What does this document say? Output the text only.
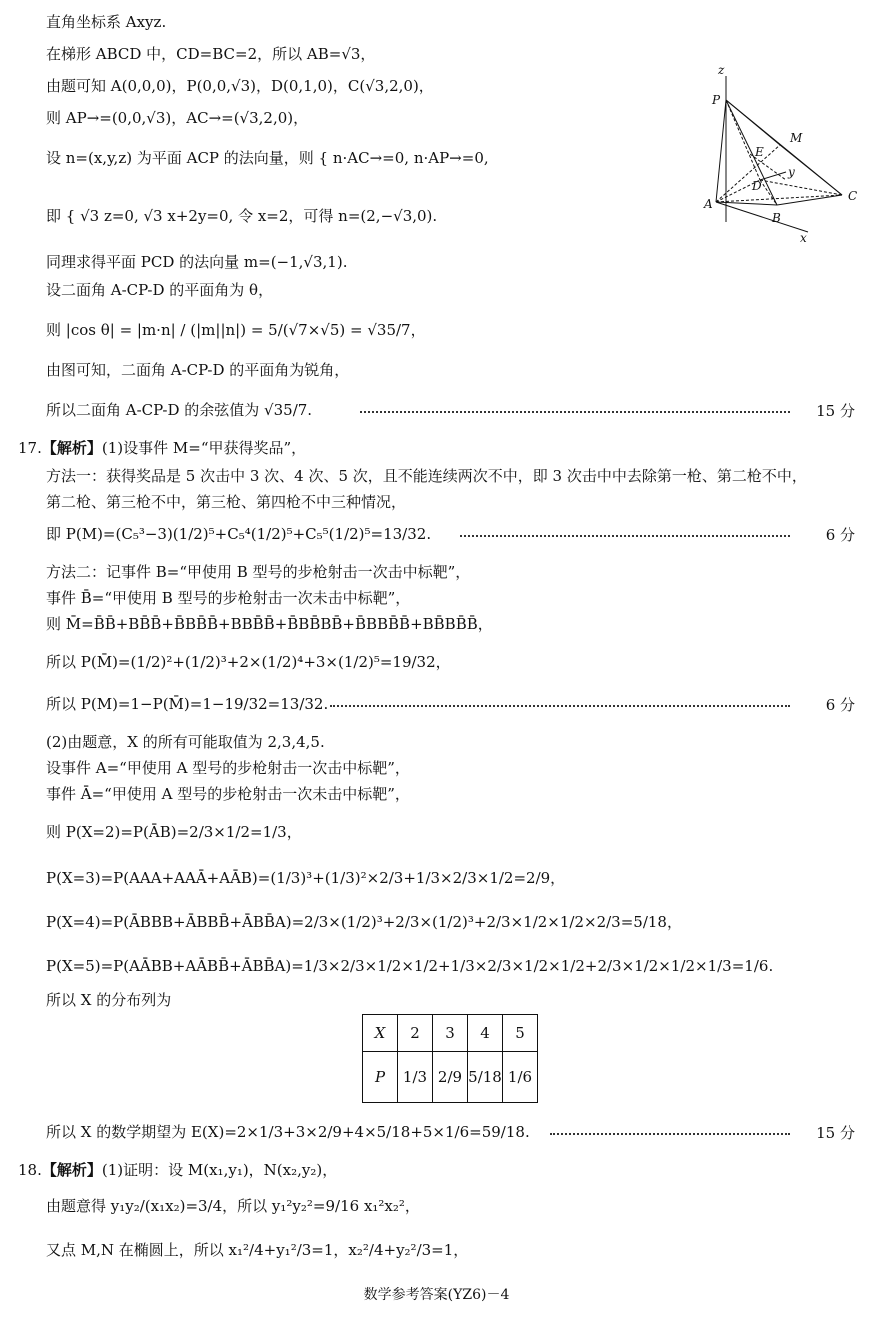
z
P
M
E
D
y
A
C
B
x
直角坐标系 Axyz.
在梯形 ABCD 中，CD=BC=2，所以 AB=√3，
由题可知 A(0,0,0)，P(0,0,√3)，D(0,1,0)，C(√3,2,0)，
则 AP→=(0,0,√3)，AC→=(√3,2,0)，
设 n=(x,y,z) 为平面 ACP 的法向量，则 { n·AC→=0, n·AP→=0,
即 { √3 z=0, √3 x+2y=0, 令 x=2，可得 n=(2,−√3,0).
同理求得平面 PCD 的法向量 m=(−1,√3,1).
设二面角 A-CP-D 的平面角为 θ，
则 |cos θ| = |m·n| / (|m||n|) = 5/(√7×√5) = √35/7，
由图可知，二面角 A-CP-D 的平面角为锐角，
所以二面角 A-CP-D 的余弦值为 √35/7.	15 分
17.【解析】(1)设事件 M=“甲获得奖品”，
方法一：获得奖品是 5 次击中 3 次、4 次、5 次，且不能连续两次不中，即 3 次击中中去除第一枪、第二枪不中，
第二枪、第三枪不中，第三枪、第四枪不中三种情况，
即 P(M)=(C₅³−3)(1/2)⁵+C₅⁴(1/2)⁵+C₅⁵(1/2)⁵=13/32.	6 分
方法二：记事件 B=“甲使用 B 型号的步枪射击一次击中标靶”，
事件 B̄=“甲使用 B 型号的步枪射击一次未击中标靶”，
则 M̄=B̄B̄+BB̄B̄+B̄BB̄B̄+BBB̄B̄+B̄BB̄BB̄+B̄BBB̄B̄+BB̄BB̄B̄，
所以 P(M̄)=(1/2)²+(1/2)³+2×(1/2)⁴+3×(1/2)⁵=19/32，
所以 P(M)=1−P(M̄)=1−19/32=13/32.	6 分
(2)由题意，X 的所有可能取值为 2,3,4,5.
设事件 A=“甲使用 A 型号的步枪射击一次击中标靶”，
事件 Ā=“甲使用 A 型号的步枪射击一次未击中标靶”，
则 P(X=2)=P(ĀB)=2/3×1/2=1/3，
P(X=3)=P(AAA+AAĀ+AĀB)=(1/3)³+(1/3)²×2/3+1/3×2/3×1/2=2/9，
P(X=4)=P(ĀBBB+ĀBBB̄+ĀBB̄A)=2/3×(1/2)³+2/3×(1/2)³+2/3×1/2×1/2×2/3=5/18，
P(X=5)=P(AĀBB+AĀBB̄+ĀBB̄A)=1/3×2/3×1/2×1/2+1/3×2/3×1/2×1/2+2/3×1/2×1/2×1/3=1/6.
所以 X 的分布列为
X	2	3	4	5
P	1/3	2/9	5/18	1/6
所以 X 的数学期望为 E(X)=2×1/3+3×2/9+4×5/18+5×1/6=59/18.	15 分
18.【解析】(1)证明：设 M(x₁,y₁)，N(x₂,y₂)，
由题意得 y₁y₂/(x₁x₂)=3/4，所以 y₁²y₂²=9/16 x₁²x₂²，
又点 M,N 在椭圆上，所以 x₁²/4+y₁²/3=1，x₂²/4+y₂²/3=1，
数学参考答案(YZ6)－4
